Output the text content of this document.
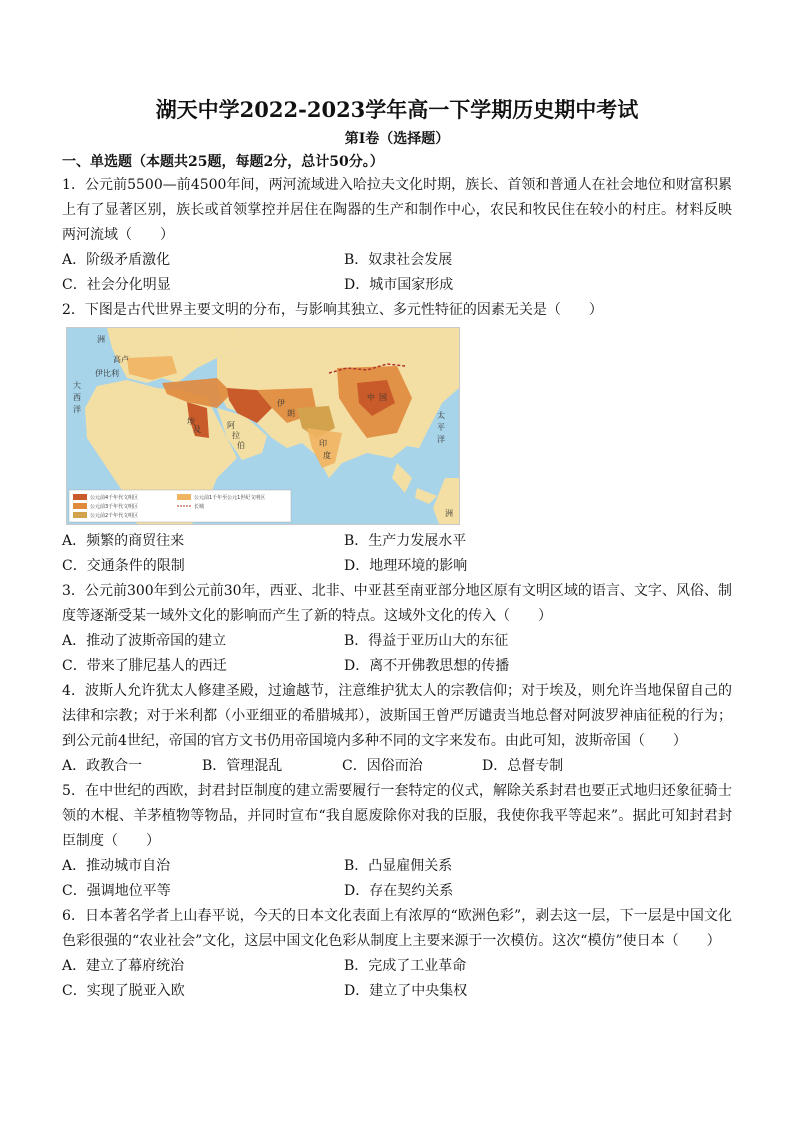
湖天中学2022-2023学年高一下学期历史期中考试
第I卷（选择题）
一、单选题（本题共25题，每题2分，总计50分。）
1．公元前5500—前4500年间，两河流域进入哈拉夫文化时期，族长、首领和普通人在社会地位和财富积累上有了显著区别，族长或首领掌控并居住在陶器的生产和制作中心，农民和牧民住在较小的村庄。材料反映两河流域（　　）
A．阶级矛盾激化	B．奴隶社会发展
C．社会分化明显	D．城市国家形成
2．下图是古代世界主要文明的分布，与影响其独立、多元性特征的因素无关是（　　）
洲
伊
朗
印
度
中 国
阿
拉
伯
埃
及
伊比利
高卢
大
西
洋
太
平
洋
洲
公元前4千年代文明区	公元前1千年至公元1世纪文明区
公元前3千年代文明区	长城
公元前2千年代文明区
A．频繁的商贸往来	B．生产力发展水平
C．交通条件的限制	D．地理环境的影响
3．公元前300年到公元前30年，西亚、北非、中亚甚至南亚部分地区原有文明区域的语言、文字、风俗、制度等逐渐受某一域外文化的影响而产生了新的特点。这域外文化的传入（　　）
A．推动了波斯帝国的建立	B．得益于亚历山大的东征
C．带来了腓尼基人的西迁	D．离不开佛教思想的传播
4．波斯人允许犹太人修建圣殿，过逾越节，注意维护犹太人的宗教信仰；对于埃及，则允许当地保留自己的法律和宗教；对于米利都（小亚细亚的希腊城邦），波斯国王曾严厉谴责当地总督对阿波罗神庙征税的行为；到公元前4世纪，帝国的官方文书仍用帝国境内多种不同的文字来发布。由此可知，波斯帝国（　　）
A．政教合一	B．管理混乱	C．因俗而治	D．总督专制
5．在中世纪的西欧，封君封臣制度的建立需要履行一套特定的仪式，解除关系封君也要正式地归还象征骑士领的木棍、羊茅植物等物品，并同时宣布“我自愿废除你对我的臣服，我使你我平等起来”。据此可知封君封臣制度（　　）
A．推动城市自治	B．凸显雇佣关系
C．强调地位平等	D．存在契约关系
6．日本著名学者上山春平说，今天的日本文化表面上有浓厚的“欧洲色彩”，剥去这一层，下一层是中国文化色彩很强的“农业社会”文化，这层中国文化色彩从制度上主要来源于一次模仿。这次“模仿”使日本（　　）
A．建立了幕府统治	B．完成了工业革命
C．实现了脱亚入欧	D．建立了中央集权
